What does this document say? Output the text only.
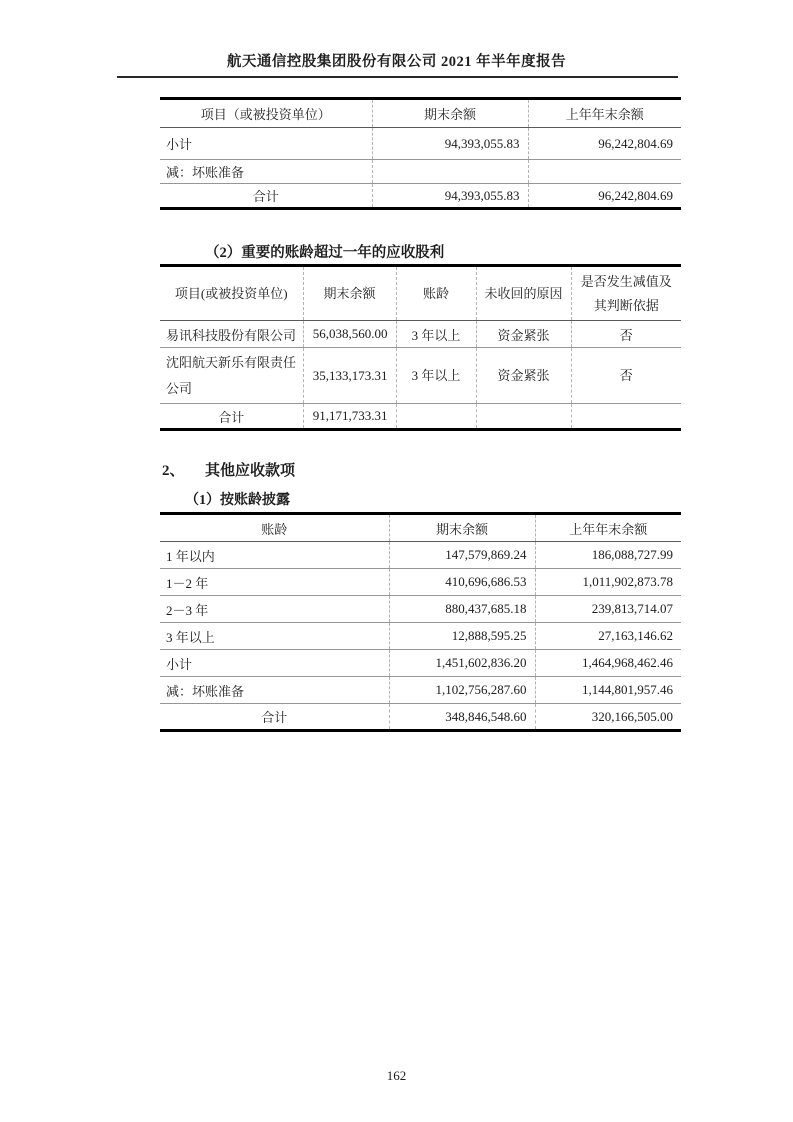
航天通信控股集团股份有限公司 2021 年半年度报告
项目（或被投资单位）	期末余额	上年年末余额
小计	94,393,055.83	96,242,804.69
减：坏账准备		
合计	94,393,055.83	96,242,804.69
（2）重要的账龄超过一年的应收股利
项目(或被投资单位)	期末余额	账龄	未收回的原因	是否发生减值及其判断依据
易讯科技股份有限公司	56,038,560.00	3 年以上	资金紧张	否
沈阳航天新乐有限责任公司	35,133,173.31	3 年以上	资金紧张	否
合计	91,171,733.31			
2、	其他应收款项
（1）按账龄披露
账龄	期末余额	上年年末余额
1 年以内	147,579,869.24	186,088,727.99
1－2 年	410,696,686.53	1,011,902,873.78
2－3 年	880,437,685.18	239,813,714.07
3 年以上	12,888,595.25	27,163,146.62
小计	1,451,602,836.20	1,464,968,462.46
减：坏账准备	1,102,756,287.60	1,144,801,957.46
合计	348,846,548.60	320,166,505.00
162
